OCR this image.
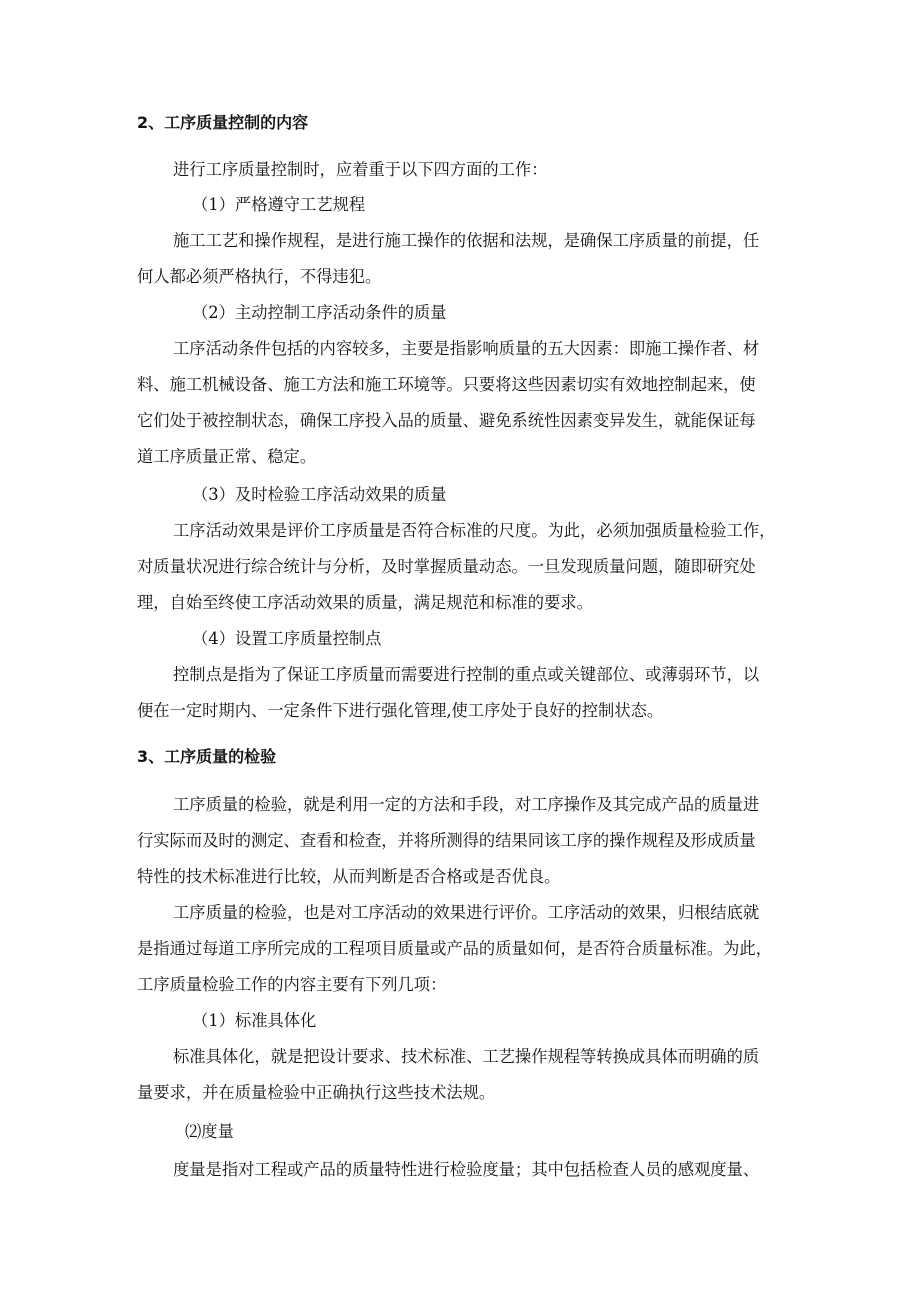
2、工序质量控制的内容

进行工序质量控制时，应着重于以下四方面的工作：

（1）严格遵守工艺规程

施工工艺和操作规程，是进行施工操作的依据和法规，是确保工序质量的前提，任

何人都必须严格执行，不得违犯。

（2）主动控制工序活动条件的质量

工序活动条件包括的内容较多，主要是指影响质量的五大因素：即施工操作者、材

料、施工机械设备、施工方法和施工环境等。只要将这些因素切实有效地控制起来，使

它们处于被控制状态，确保工序投入品的质量、避免系统性因素变异发生，就能保证每

道工序质量正常、稳定。

（3）及时检验工序活动效果的质量

工序活动效果是评价工序质量是否符合标准的尺度。为此，必须加强质量检验工作，

对质量状况进行综合统计与分析，及时掌握质量动态。一旦发现质量问题，随即研究处

理，自始至终使工序活动效果的质量，满足规范和标准的要求。

（4）设置工序质量控制点

控制点是指为了保证工序质量而需要进行控制的重点或关键部位、或薄弱环节，以

便在一定时期内、一定条件下进行强化管理,使工序处于良好的控制状态。

3、工序质量的检验

工序质量的检验，就是利用一定的方法和手段，对工序操作及其完成产品的质量进

行实际而及时的测定、查看和检查，并将所测得的结果同该工序的操作规程及形成质量

特性的技术标准进行比较，从而判断是否合格或是否优良。

工序质量的检验，也是对工序活动的效果进行评价。工序活动的效果，归根结底就

是指通过每道工序所完成的工程项目质量或产品的质量如何，是否符合质量标准。为此，

工序质量检验工作的内容主要有下列几项：

（1）标准具体化

标准具体化，就是把设计要求、技术标准、工艺操作规程等转换成具体而明确的质

量要求，并在质量检验中正确执行这些技术法规。

⑵度量

度量是指对工程或产品的质量特性进行检验度量；其中包括检查人员的感观度量、
